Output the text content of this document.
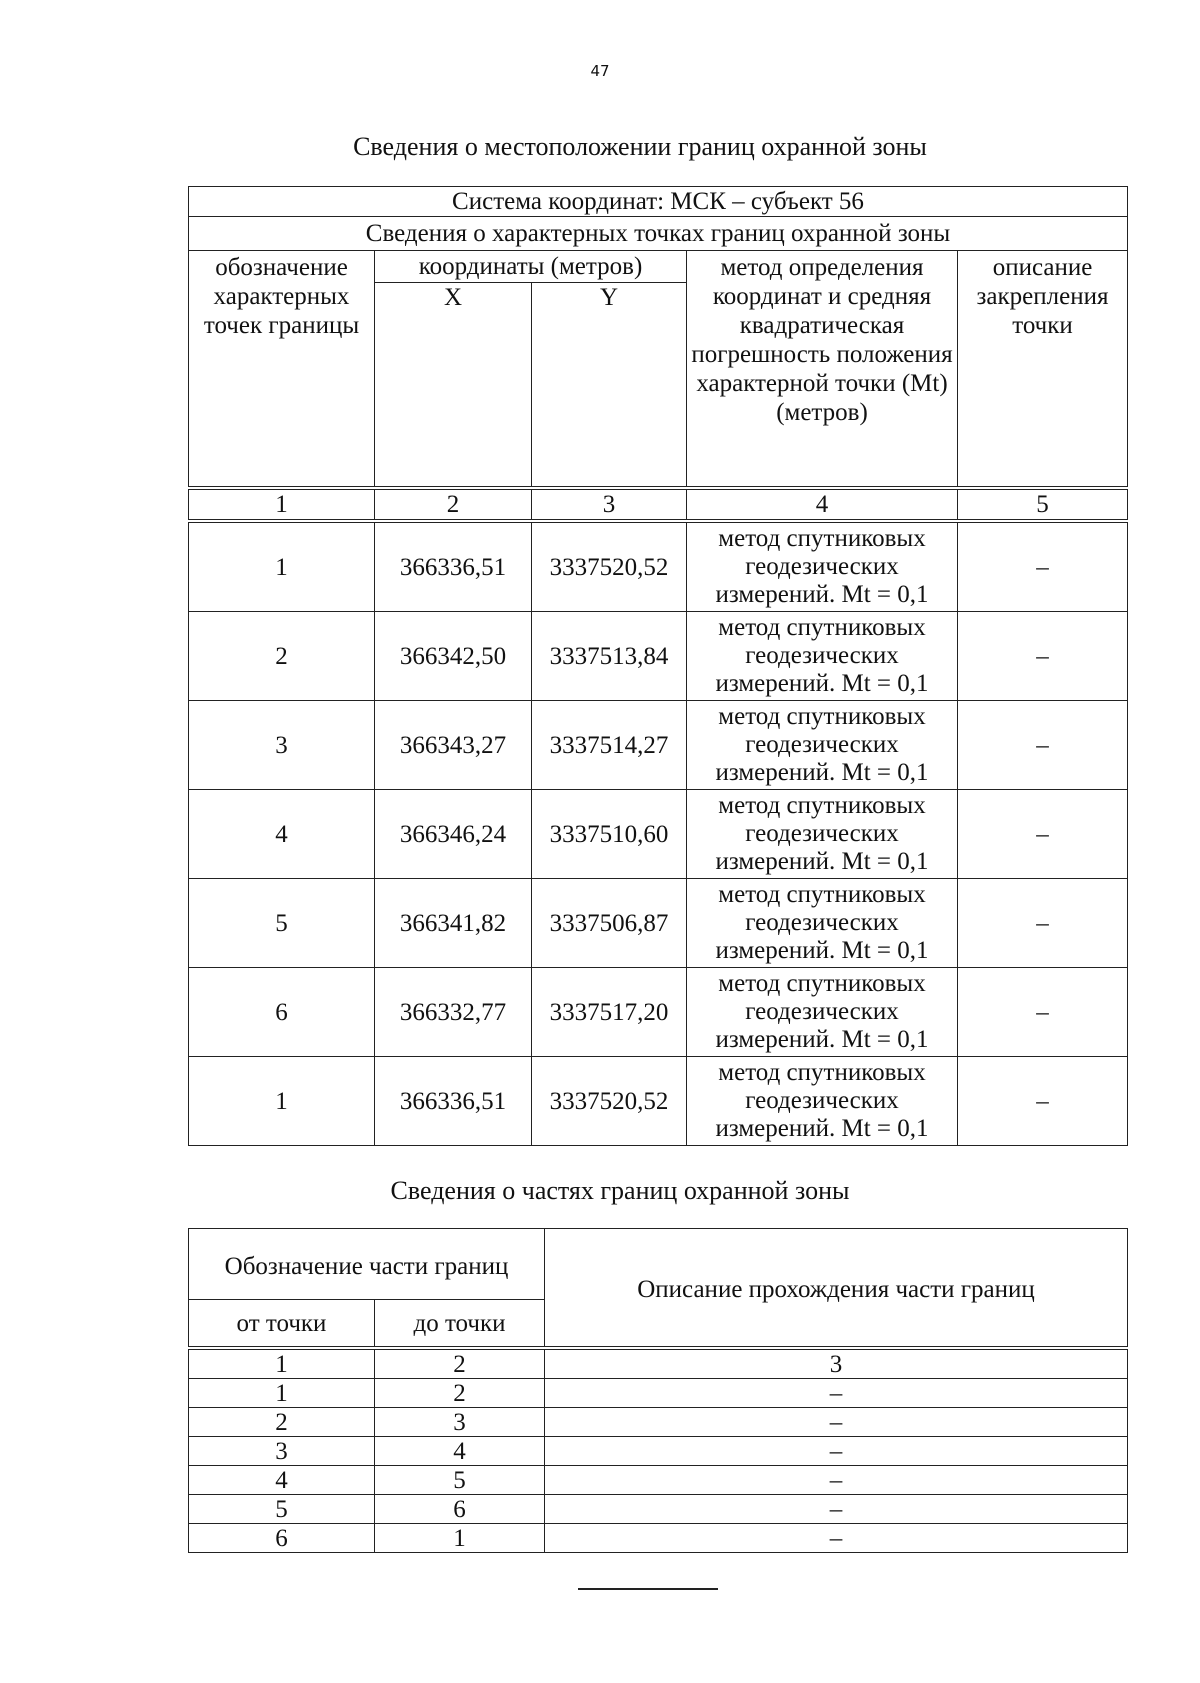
47
Сведения о местоположении границ охранной зоны
Система координат: МСК – субъект 56				
Сведения о характерных точках границ охранной зоны				
обозначение характерных точек границы	координаты (метров)		метод определения координат и средняя квадратическая погрешность положения характерной точки (Mt) (метров)	описание закрепления точки
	X	Y		

1	2	3	4	5

1	366336,51	3337520,52	метод спутниковых
геодезических
измерений. Mt = 0,1	–
2	366342,50	3337513,84	метод спутниковых
геодезических
измерений. Mt = 0,1	–
3	366343,27	3337514,27	метод спутниковых
геодезических
измерений. Mt = 0,1	–
4	366346,24	3337510,60	метод спутниковых
геодезических
измерений. Mt = 0,1	–
5	366341,82	3337506,87	метод спутниковых
геодезических
измерений. Mt = 0,1	–
6	366332,77	3337517,20	метод спутниковых
геодезических
измерений. Mt = 0,1	–
1	366336,51	3337520,52	метод спутниковых
геодезических
измерений. Mt = 0,1	–
Сведения о частях границ охранной зоны
Обозначение части границ		Описание прохождения части границ
от точки	до точки	

1	2	3
1	2	–
2	3	–
3	4	–
4	5	–
5	6	–
6	1	–
